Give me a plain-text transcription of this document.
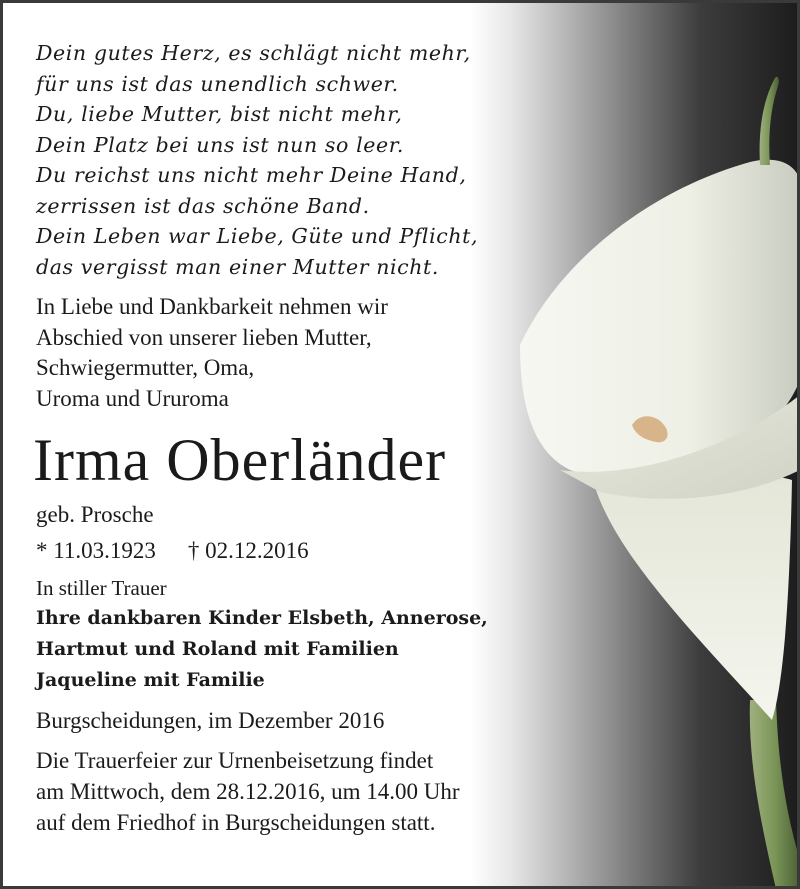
Dein gutes Herz, es schlägt nicht mehr,
für uns ist das unendlich schwer.
Du, liebe Mutter, bist nicht mehr,
Dein Platz bei uns ist nun so leer.
Du reichst uns nicht mehr Deine Hand,
zerrissen ist das schöne Band.
Dein Leben war Liebe, Güte und Pflicht,
das vergisst man einer Mutter nicht.

In Liebe und Dankbarkeit nehmen wir
Abschied von unserer lieben Mutter,
Schwiegermutter, Oma,
Uroma und Ururoma

Irma Oberländer
geb. Prosche
* 11.03.1923 † 02.12.2016
In stiller Trauer

Ihre dankbaren Kinder Elsbeth, Annerose,
Hartmut und Roland mit Familien
Jaqueline mit Familie

Burgscheidungen, im Dezember 2016

Die Trauerfeier zur Urnenbeisetzung findet
am Mittwoch, dem 28.12.2016, um 14.00 Uhr
auf dem Friedhof in Burgscheidungen statt.
